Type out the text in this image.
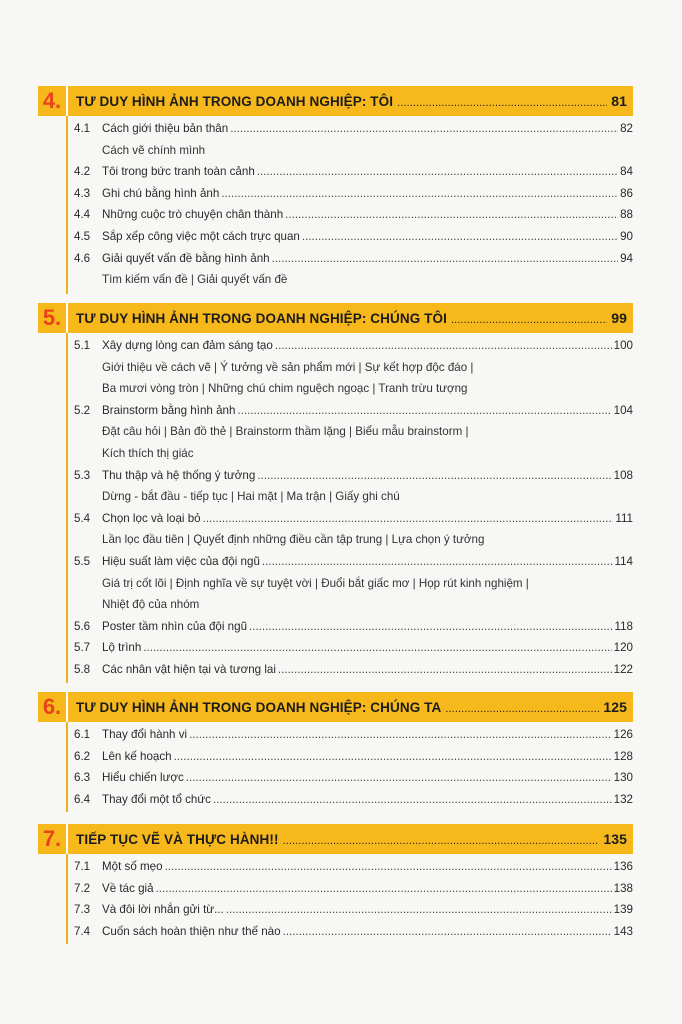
4.	TƯ DUY HÌNH ẢNH TRONG DOANH NGHIỆP: TÔI .....	81
4.1	Cách giới thiệu bản thân .....	82
Cách vẽ chính mình
4.2	Tôi trong bức tranh toàn cảnh .....	84
4.3	Ghi chú bằng hình ảnh .....	86
4.4	Những cuộc trò chuyện chân thành .....	88
4.5	Sắp xếp công việc một cách trực quan .....	90
4.6	Giải quyết vấn đề bằng hình ảnh .....	94
Tìm kiếm vấn đề | Giải quyết vấn đề
5.	TƯ DUY HÌNH ẢNH TRONG DOANH NGHIỆP: CHÚNG TÔI .....	99
5.1	Xây dựng lòng can đảm sáng tạo .....	100
Giới thiệu về cách vẽ | Ý tưởng về sản phẩm mới | Sự kết hợp độc đáo |
Ba mươi vòng tròn | Những chú chim nguệch ngoạc | Tranh trừu tượng
5.2	Brainstorm bằng hình ảnh .....	104
Đặt câu hỏi | Bản đồ thẻ | Brainstorm thầm lặng | Biểu mẫu brainstorm |
Kích thích thị giác
5.3	Thu thập và hệ thống ý tưởng .....	108
Dừng - bắt đầu - tiếp tục | Hai mặt | Ma trận | Giấy ghi chú
5.4	Chọn lọc và loại bỏ .....	111
Lần lọc đầu tiên | Quyết định những điều cần tập trung | Lựa chọn ý tưởng
5.5	Hiệu suất làm việc của đội ngũ .....	114
Giá trị cốt lõi | Định nghĩa về sự tuyệt vời | Đuổi bắt giấc mơ | Họp rút kinh nghiệm |
Nhiệt độ của nhóm
5.6	Poster tầm nhìn của đội ngũ .....	118
5.7	Lộ trình .....	120
5.8	Các nhân vật hiện tại và tương lai .....	122
6.	TƯ DUY HÌNH ẢNH TRONG DOANH NGHIỆP: CHÚNG TA .....	125
6.1	Thay đổi hành vi .....	126
6.2	Lên kế hoạch .....	128
6.3	Hiểu chiến lược .....	130
6.4	Thay đổi một tổ chức .....	132
7.	TIẾP TỤC VẼ VÀ THỰC HÀNH!! .....	135
7.1	Một số mẹo .....	136
7.2	Về tác giả .....	138
7.3	Và đôi lời nhắn gửi từ... .....	139
7.4	Cuốn sách hoàn thiện như thế nào .....	143
